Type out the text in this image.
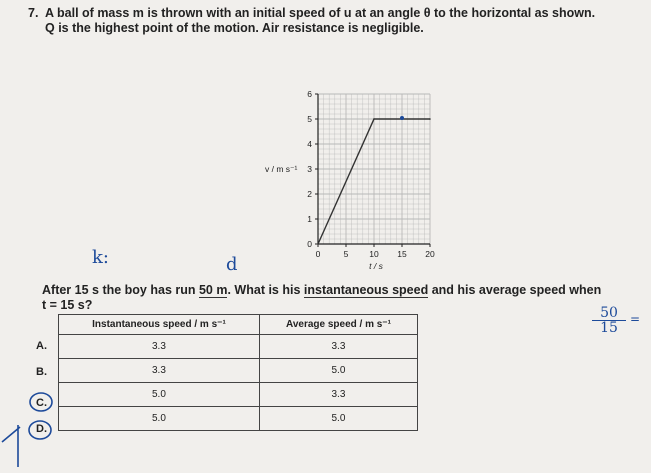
7. A ball of mass m is thrown with an initial speed of u at an angle θ to the horizontal as shown. Q is the highest point of the motion. Air resistance is negligible.
0	5 10 15 20
0
1
2
3
4
5
6
t / s
v / m s⁻¹
After 15 s the boy has run 50 m. What is his instantaneous speed and his average speed when
t = 15 s?
Instantaneous speed / m s⁻¹	Average speed / m s⁻¹
3.3	3.3
3.3	5.0
5.0	3.3
5.0	5.0
A.
B.
C.
D.
k:	d
$\frac{50}{15}$ =
